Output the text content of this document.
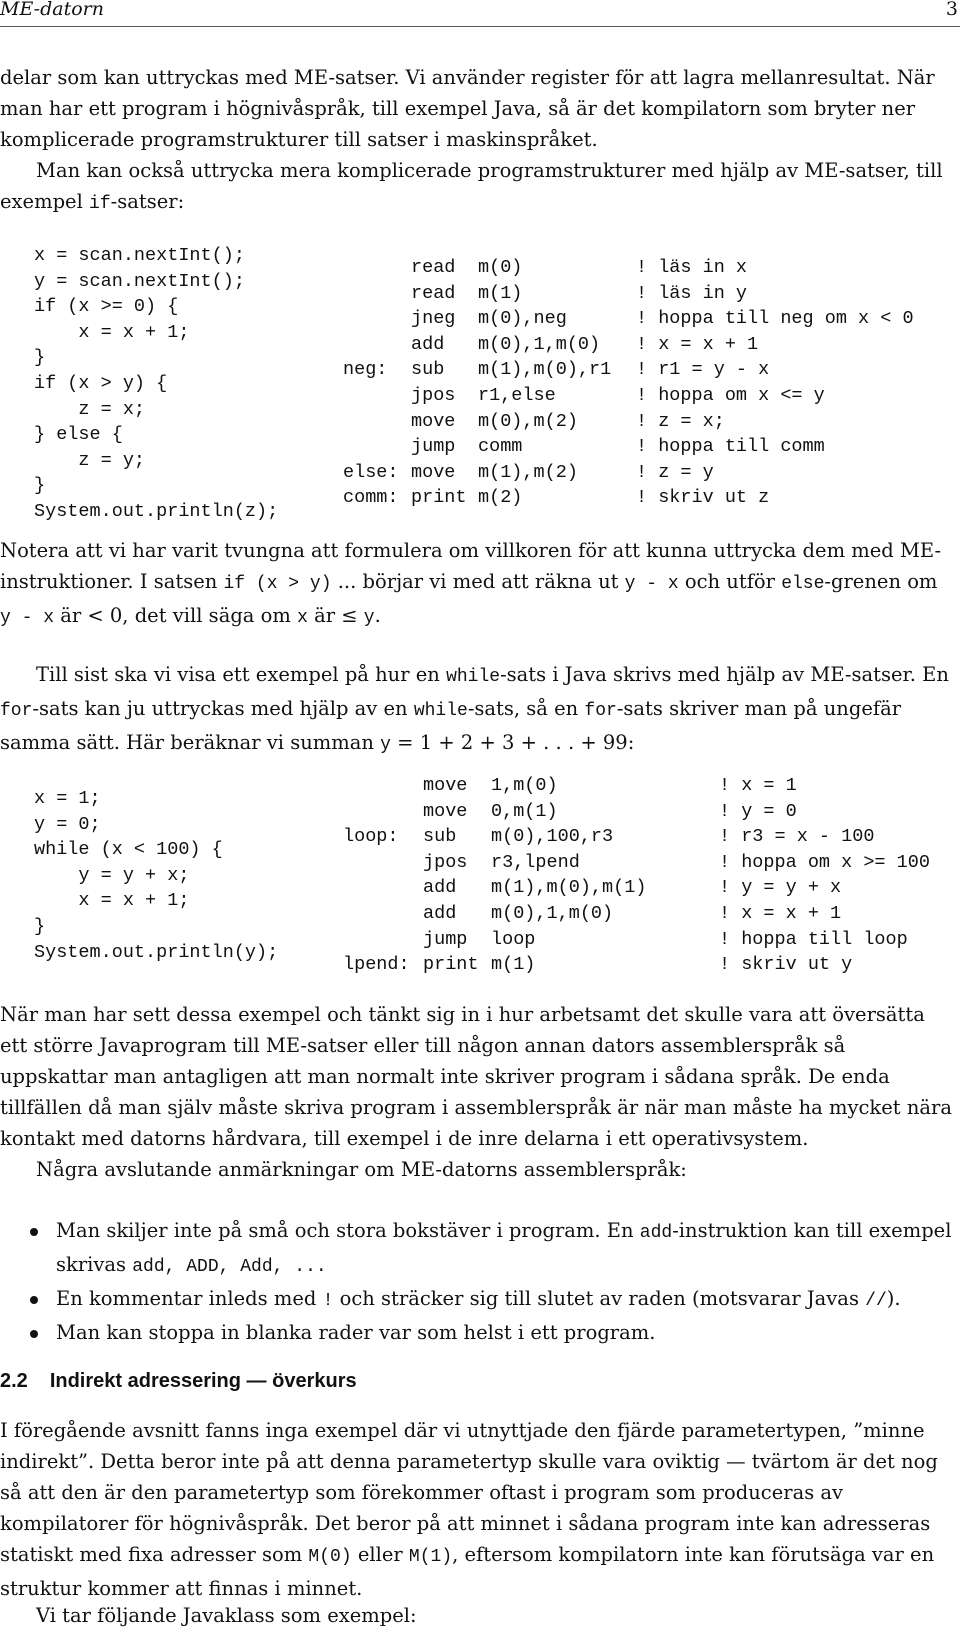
ME-datorn	3

delar som kan uttryckas med ME-satser. Vi använder register för att lagra mellanresultat. När man har ett program i högnivåspråk, till exempel Java, så är det kompilatorn som bryter ner komplicerade programstrukturer till satser i maskinspråket.

Man kan också uttrycka mera komplicerade programstrukturer med hjälp av ME-satser, till exempel if-satser:

x = scan.nextInt();
y = scan.nextInt();
if (x >= 0) {
x = x + 1;
}
if (x > y) {
z = x;
} else {
z = y;
}
System.out.println(z);
	read	m(0)	! läs in x
	read	m(1)	! läs in y
	jneg	m(0),neg	! hoppa till neg om x < 0
	add	m(0),1,m(0)	! x = x + 1
neg:	sub	m(1),m(0),r1	! r1 = y - x
	jpos	r1,else	! hoppa om x <= y
	move	m(0),m(2)	! z = x;
	jump	comm	! hoppa till comm
else:	move	m(1),m(2)	! z = y
comm:	print	m(2)	! skriv ut z

Notera att vi har varit tvungna att formulera om villkoren för att kunna uttrycka dem med ME-instruktioner. I satsen if (x > y) ... börjar vi med att räkna ut y - x och utför else-grenen om y - x är < 0, det vill säga om x är ≤ y.

Till sist ska vi visa ett exempel på hur en while-sats i Java skrivs med hjälp av ME-satser. En for-sats kan ju uttryckas med hjälp av en while-sats, så en for-sats skriver man på ungefär samma sätt. Här beräknar vi summan y = 1 + 2 + 3 + . . . + 99:

x = 1;
y = 0;
while (x < 100) {
y = y + x;
x = x + 1;
}
System.out.println(y);
	move	1,m(0)	! x = 1
	move	0,m(1)	! y = 0
loop:	sub	m(0),100,r3	! r3 = x - 100
	jpos	r3,lpend	! hoppa om x >= 100
	add	m(1),m(0),m(1)	! y = y + x
	add	m(0),1,m(0)	! x = x + 1
	jump	loop	! hoppa till loop
lpend:	print	m(1)	! skriv ut y

När man har sett dessa exempel och tänkt sig in i hur arbetsamt det skulle vara att översätta ett större Javaprogram till ME-satser eller till någon annan dators assemblerspråk så uppskattar man antagligen att man normalt inte skriver program i sådana språk. De enda tillfällen då man själv måste skriva program i assemblerspråk är när man måste ha mycket nära kontakt med datorns hårdvara, till exempel i de inre delarna i ett operativsystem.

Några avslutande anmärkningar om ME-datorns assemblerspråk:

Man skiljer inte på små och stora bokstäver i program. En add-instruktion kan till exempel skrivas add, ADD, Add, ...
En kommentar inleds med ! och sträcker sig till slutet av raden (motsvarar Javas //).
Man kan stoppa in blanka rader var som helst i ett program.
2.2 Indirekt adressering — överkurs

I föregående avsnitt fanns inga exempel där vi utnyttjade den fjärde parametertypen, ”minne indirekt”. Detta beror inte på att denna parametertyp skulle vara oviktig — tvärtom är det nog så att den är den parametertyp som förekommer oftast i program som produceras av kompilatorer för högnivåspråk. Det beror på att minnet i sådana program inte kan adresseras statiskt med fixa adresser som M(0) eller M(1), eftersom kompilatorn inte kan förutsäga var en struktur kommer att finnas i minnet.

Vi tar följande Javaklass som exempel:
